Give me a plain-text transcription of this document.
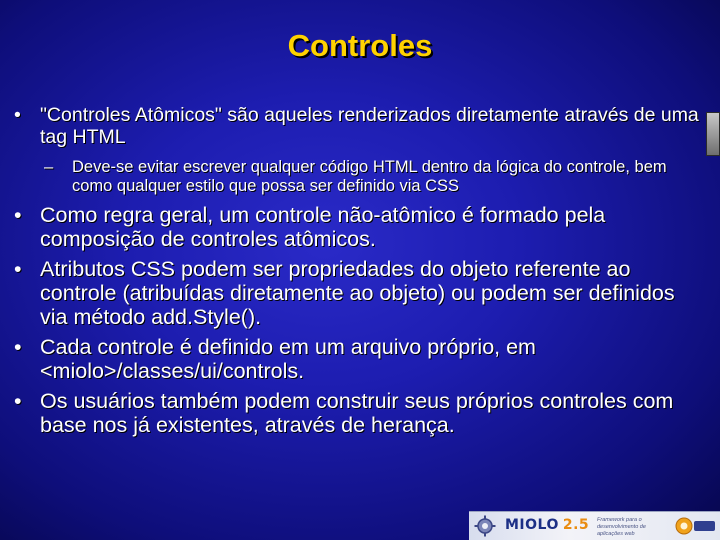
Controles
• "Controles Atômicos" são aqueles renderizados diretamente através de uma tag HTML
– Deve-se evitar escrever qualquer código HTML dentro da lógica do controle, bem como qualquer estilo que possa ser definido via CSS
• Como regra geral, um controle não-atômico é formado pela composição de controles atômicos.
• Atributos CSS podem ser propriedades do objeto referente ao controle (atribuídas diretamente ao objeto) ou podem ser definidos via método add.Style().
• Cada controle é definido em um arquivo próprio, em <miolo>/classes/ui/controls.
• Os usuários também podem construir seus próprios controles com base nos já existentes, através de herança.
MIOLO 2.5 Framework para o desenvolvimento de aplicações web
